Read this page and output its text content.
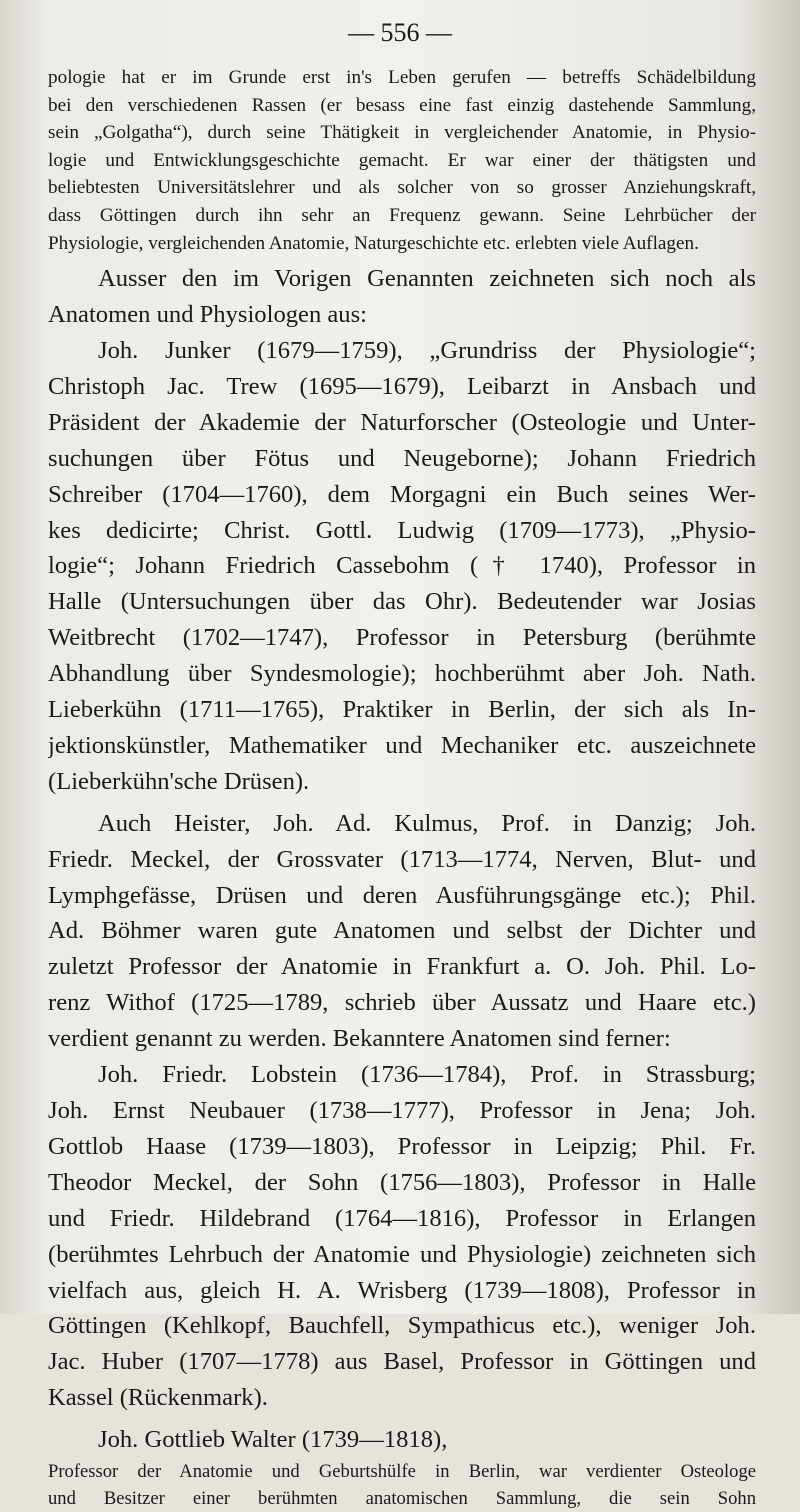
— 556 —
pologie hat er im Grunde erst in's Leben gerufen — betreffs Schädelbildung
bei den verschiedenen Rassen (er besass eine fast einzig dastehende Sammlung,
sein „Golgatha“), durch seine Thätigkeit in vergleichender Anatomie, in Physio-
logie und Entwicklungsgeschichte gemacht. Er war einer der thätigsten und
beliebtesten Universitätslehrer und als solcher von so grosser Anziehungskraft,
dass Göttingen durch ihn sehr an Frequenz gewann. Seine Lehrbücher der
Physiologie, vergleichenden Anatomie, Naturgeschichte etc. erlebten viele Auflagen.
Ausser den im Vorigen Genannten zeichneten sich noch als
Anatomen und Physiologen aus:
Joh. Junker (1679—1759), „Grundriss der Physiologie“;
Christoph Jac. Trew (1695—1679), Leibarzt in Ansbach und
Präsident der Akademie der Naturforscher (Osteologie und Unter-
suchungen über Fötus und Neugeborne); Johann Friedrich
Schreiber (1704—1760), dem Morgagni ein Buch seines Wer-
kes dedicirte; Christ. Gottl. Ludwig (1709—1773), „Physio-
logie“; Johann Friedrich Cassebohm († 1740), Professor in
Halle (Untersuchungen über das Ohr). Bedeutender war Josias
Weitbrecht (1702—1747), Professor in Petersburg (berühmte
Abhandlung über Syndesmologie); hochberühmt aber Joh. Nath.
Lieberkühn (1711—1765), Praktiker in Berlin, der sich als In-
jektionskünstler, Mathematiker und Mechaniker etc. auszeichnete
(Lieberkühn'sche Drüsen).
Auch Heister, Joh. Ad. Kulmus, Prof. in Danzig; Joh.
Friedr. Meckel, der Grossvater (1713—1774, Nerven, Blut- und
Lymphgefässe, Drüsen und deren Ausführungsgänge etc.); Phil.
Ad. Böhmer waren gute Anatomen und selbst der Dichter und
zuletzt Professor der Anatomie in Frankfurt a. O. Joh. Phil. Lo-
renz Withof (1725—1789, schrieb über Aussatz und Haare etc.)
verdient genannt zu werden. Bekanntere Anatomen sind ferner:
Joh. Friedr. Lobstein (1736—1784), Prof. in Strassburg;
Joh. Ernst Neubauer (1738—1777), Professor in Jena; Joh.
Gottlob Haase (1739—1803), Professor in Leipzig; Phil. Fr.
Theodor Meckel, der Sohn (1756—1803), Professor in Halle
und Friedr. Hildebrand (1764—1816), Professor in Erlangen
(berühmtes Lehrbuch der Anatomie und Physiologie) zeichneten sich
vielfach aus, gleich H. A. Wrisberg (1739—1808), Professor in
Göttingen (Kehlkopf, Bauchfell, Sympathicus etc.), weniger Joh.
Jac. Huber (1707—1778) aus Basel, Professor in Göttingen und
Kassel (Rückenmark).
Joh. Gottlieb Walter (1739—1818),
Professor der Anatomie und Geburtshülfe in Berlin, war verdienter Osteologe
und Besitzer einer berühmten anatomischen Sammlung, die sein Sohn
